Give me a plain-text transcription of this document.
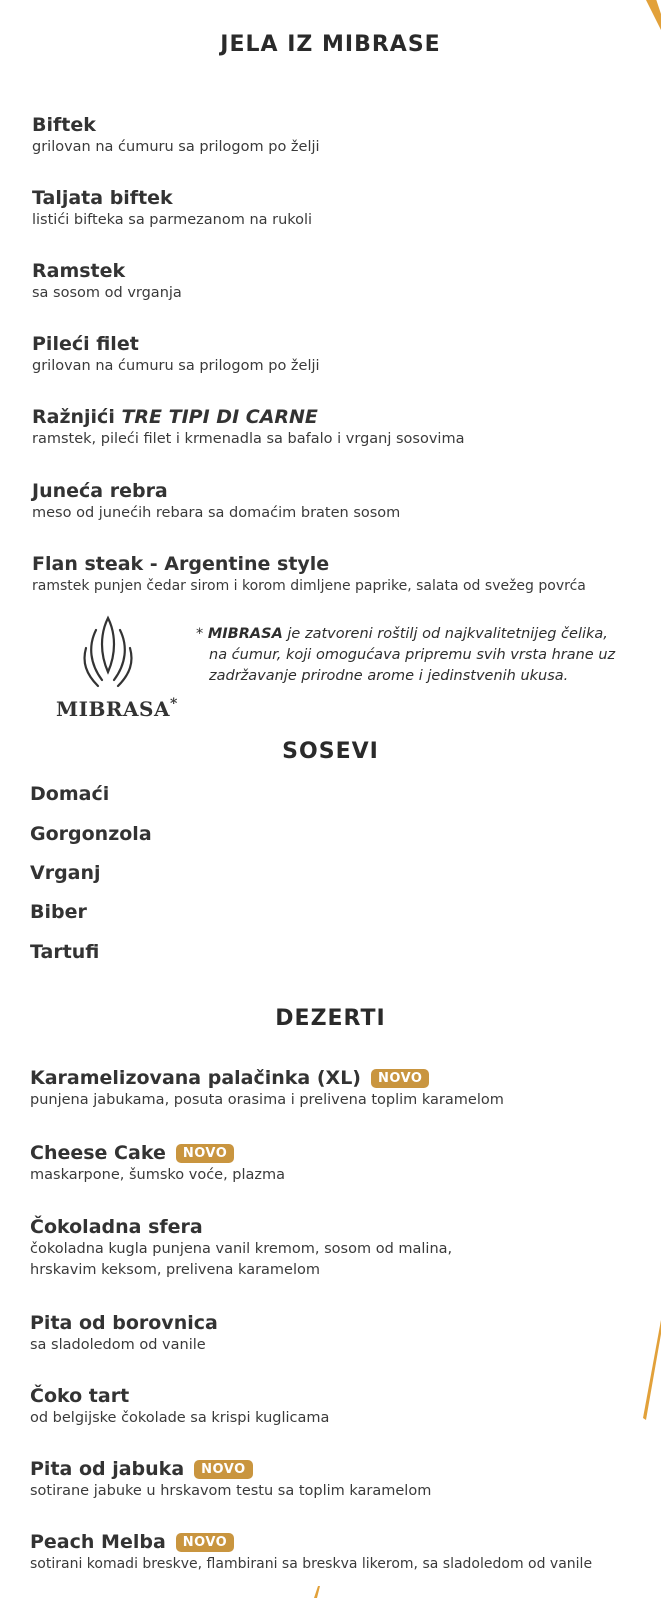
JELA IZ MIBRASE
Biftek
grilovan na ćumuru sa prilogom po želji
Taljata biftek
listići bifteka sa parmezanom na rukoli
Ramstek
sa sosom od vrganja
Pileći filet
grilovan na ćumuru sa prilogom po želji
Ražnjići TRE TIPI DI CARNE
ramstek, pileći filet i krmenadla sa bafalo i vrganj sosovima
Juneća rebra
meso od junećih rebara sa domaćim braten sosom
Flan steak - Argentine style
ramstek punjen čedar sirom i korom dimljene paprike, salata od svežeg povrća
MIBRASA*
* MIBRASA je zatvoreni roštilj od najkvalitetnijeg čelika,
na ćumur, koji omogućava pripremu svih vrsta hrane uz
zadržavanje prirodne arome i jedinstvenih ukusa.
SOSEVI
Domaći
Gorgonzola
Vrganj
Biber
Tartufi
DEZERTI
Karamelizovana palačinka (XL) NOVO
punjena jabukama, posuta orasima i prelivena toplim karamelom
Cheese Cake NOVO
maskarpone, šumsko voće, plazma
Čokoladna sfera
čokoladna kugla punjena vanil kremom, sosom od malina,
hrskavim keksom, prelivena karamelom
Pita od borovnica
sa sladoledom od vanile
Čoko tart
od belgijske čokolade sa krispi kuglicama
Pita od jabuka NOVO
sotirane jabuke u hrskavom testu sa toplim karamelom
Peach Melba NOVO
sotirani komadi breskve, flambirani sa breskva likerom, sa sladoledom od vanile
